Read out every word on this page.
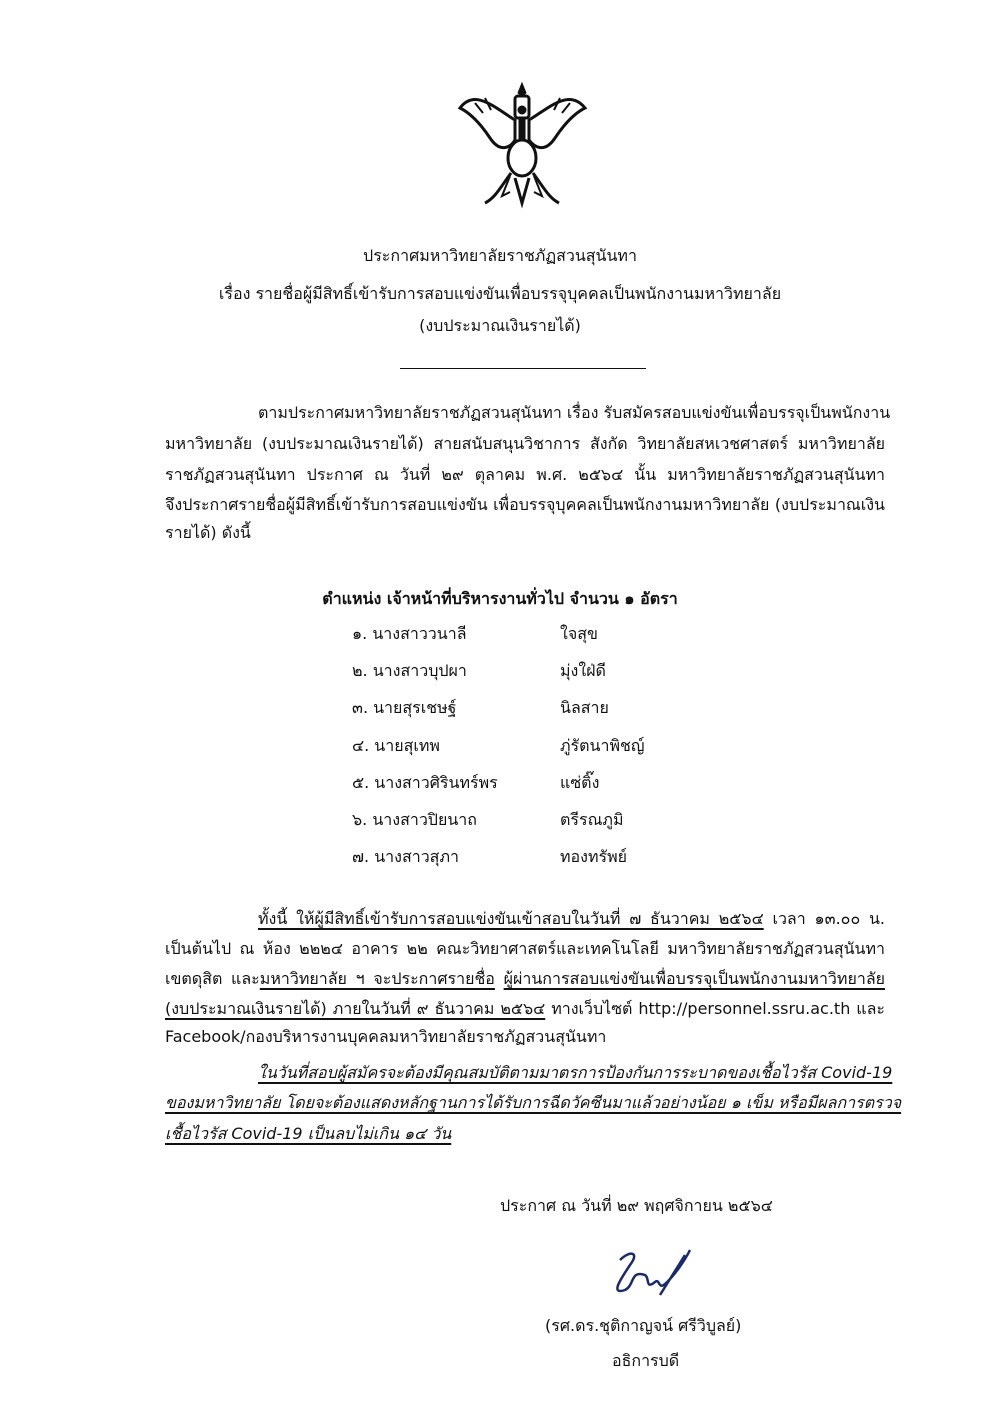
ประกาศมหาวิทยาลัยราชภัฏสวนสุนันทา
เรื่อง รายชื่อผู้มีสิทธิ์เข้ารับการสอบแข่งขันเพื่อบรรจุบุคคลเป็นพนักงานมหาวิทยาลัย
(งบประมาณเงินรายได้)
ตามประกาศมหาวิทยาลัยราชภัฏสวนสุนันทา เรื่อง รับสมัครสอบแข่งขันเพื่อบรรจุเป็นพนักงาน
มหาวิทยาลัย (งบประมาณเงินรายได้) สายสนับสนุนวิชาการ สังกัด วิทยาลัยสหเวชศาสตร์ มหาวิทยาลัย
ราชภัฏสวนสุนันทา ประกาศ ณ วันที่ ๒๙ ตุลาคม พ.ศ. ๒๕๖๔ นั้น มหาวิทยาลัยราชภัฏสวนสุนันทา
จึงประกาศรายชื่อผู้มีสิทธิ์เข้ารับการสอบแข่งขัน เพื่อบรรจุบุคคลเป็นพนักงานมหาวิทยาลัย (งบประมาณเงิน
รายได้) ดังนี้
ตำแหน่ง เจ้าหน้าที่บริหารงานทั่วไป จำนวน ๑ อัตรา
๑. นางสาววนาลี	ใจสุข
๒. นางสาวบุปผา	มุ่งใฝ่ดี
๓. นายสุรเชษฐ์	นิลสาย
๔. นายสุเทพ	ภู่รัตนาพิชญ์
๕. นางสาวศิรินทร์พร	แซ่ติ๊ง
๖. นางสาวปิยนาถ	ตรีรณภูมิ
๗. นางสาวสุภา	ทองทรัพย์
ทั้งนี้ ให้ผู้มีสิทธิ์เข้ารับการสอบแข่งขันเข้าสอบในวันที่ ๗ ธันวาคม ๒๕๖๔ เวลา ๑๓.๐๐ น.
เป็นต้นไป ณ ห้อง ๒๒๒๔ อาคาร ๒๒ คณะวิทยาศาสตร์และเทคโนโลยี มหาวิทยาลัยราชภัฏสวนสุนันทา
เขตดุสิต และมหาวิทยาลัย ฯ จะประกาศรายชื่อ ผู้ผ่านการสอบแข่งขันเพื่อบรรจุเป็นพนักงานมหาวิทยาลัย
(งบประมาณเงินรายได้) ภายในวันที่ ๙ ธันวาคม ๒๕๖๔ ทางเว็บไซต์ http://personnel.ssru.ac.th และ
Facebook/กองบริหารงานบุคคลมหาวิทยาลัยราชภัฏสวนสุนันทา
ในวันที่สอบผู้สมัครจะต้องมีคุณสมบัติตามมาตรการป้องกันการระบาดของเชื้อไวรัส Covid-19
ของมหาวิทยาลัย โดยจะต้องแสดงหลักฐานการได้รับการฉีดวัคซีนมาแล้วอย่างน้อย ๑ เข็ม หรือมีผลการตรวจ
เชื้อไวรัส Covid-19 เป็นลบไม่เกิน ๑๔ วัน
ประกาศ ณ วันที่ ๒๙ พฤศจิกายน ๒๕๖๔
(รศ.ดร.ชุติกาญจน์ ศรีวิบูลย์)
อธิการบดี
